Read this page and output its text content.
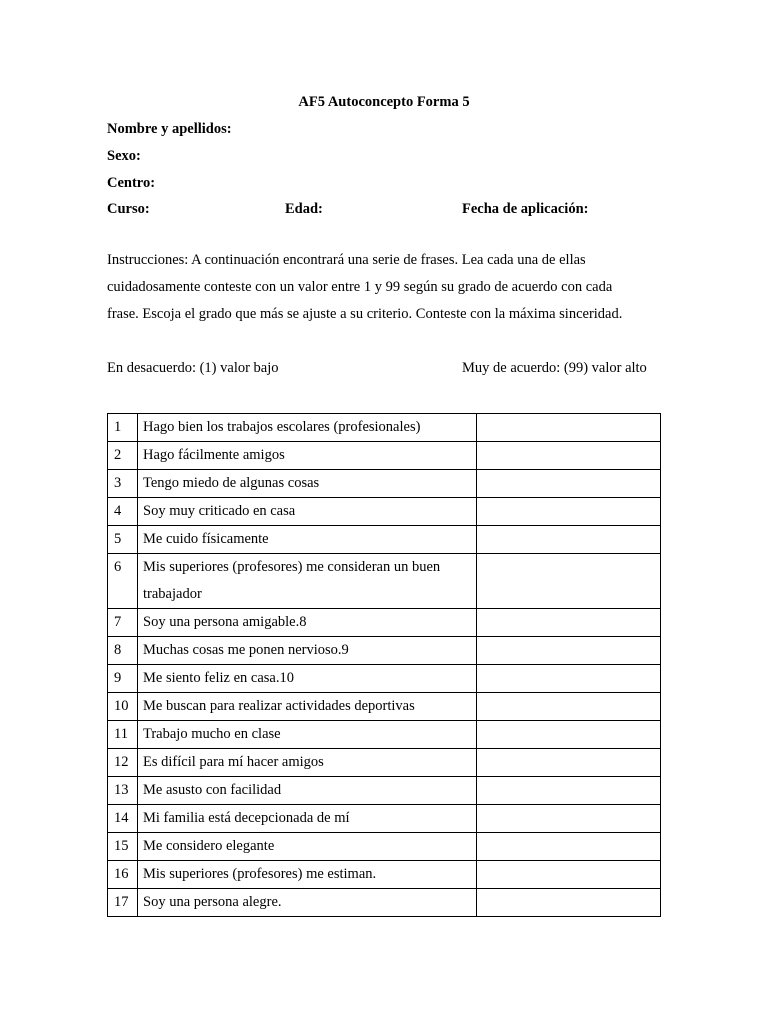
AF5 Autoconcepto Forma 5
Nombre y apellidos:
Sexo:
Centro:
Curso:	Edad:	Fecha de aplicación:
Instrucciones: A continuación encontrará una serie de frases. Lea cada una de ellas
cuidadosamente conteste con un valor entre 1 y 99 según su grado de acuerdo con cada
frase. Escoja el grado que más se ajuste a su criterio. Conteste con la máxima sinceridad.
En desacuerdo: (1) valor bajo	Muy de acuerdo: (99) valor alto
1	Hago bien los trabajos escolares (profesionales)	
2	Hago fácilmente amigos	
3	Tengo miedo de algunas cosas	
4	Soy muy criticado en casa	
5	Me cuido físicamente	
6	Mis superiores (profesores) me consideran un buen trabajador	
7	Soy una persona amigable.8	
8	Muchas cosas me ponen nervioso.9	
9	Me siento feliz en casa.10	
10	Me buscan para realizar actividades deportivas	
11	Trabajo mucho en clase	
12	Es difícil para mí hacer amigos	
13	Me asusto con facilidad	
14	Mi familia está decepcionada de mí	
15	Me considero elegante	
16	Mis superiores (profesores) me estiman.	
17	Soy una persona alegre.	
